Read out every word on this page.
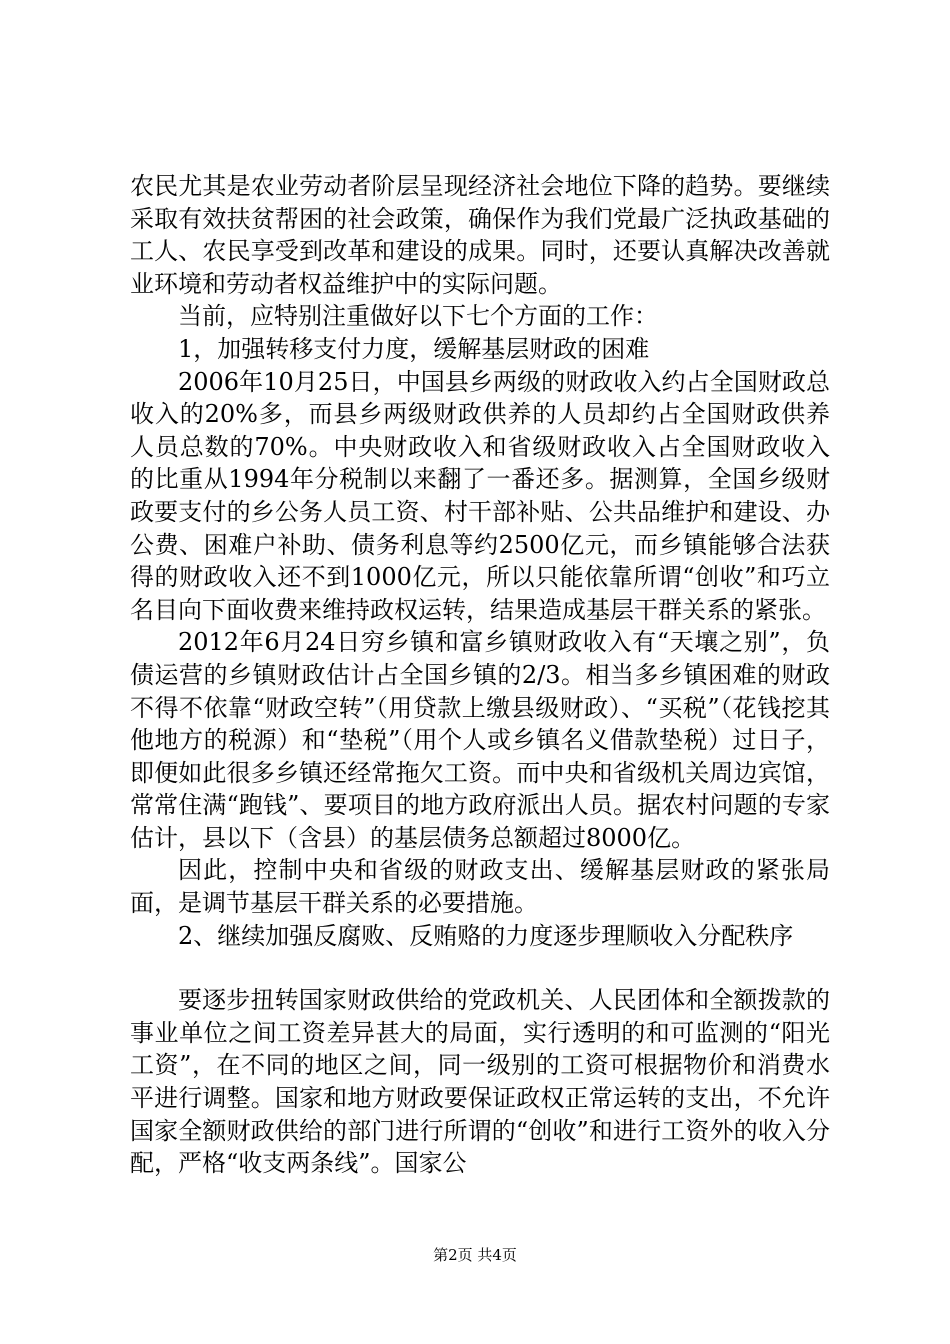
农民尤其是农业劳动者阶层呈现经济社会地位下降的趋势。要继续采取有效扶贫帮困的社会政策，确保作为我们党最广泛执政基础的工人、农民享受到改革和建设的成果。同时，还要认真解决改善就业环境和劳动者权益维护中的实际问题。

当前，应特别注重做好以下七个方面的工作：

1，加强转移支付力度，缓解基层财政的困难

2006年10月25日，中国县乡两级的财政收入约占全国财政总收入的20%多，而县乡两级财政供养的人员却约占全国财政供养人员总数的70%。中央财政收入和省级财政收入占全国财政收入的比重从1994年分税制以来翻了一番还多。据测算，全国乡级财政要支付的乡公务人员工资、村干部补贴、公共品维护和建设、办公费、困难户补助、债务利息等约2500亿元，而乡镇能够合法获得的财政收入还不到1000亿元，所以只能依靠所谓“创收”和巧立名目向下面收费来维持政权运转，结果造成基层干群关系的紧张。

2012年6月24日穷乡镇和富乡镇财政收入有“天壤之别”，负债运营的乡镇财政估计占全国乡镇的2/3。相当多乡镇困难的财政不得不依靠“财政空转”（用贷款上缴县级财政）、“买税”（花钱挖其他地方的税源）和“垫税”（用个人或乡镇名义借款垫税）过日子，即便如此很多乡镇还经常拖欠工资。而中央和省级机关周边宾馆，常常住满“跑钱”、要项目的地方政府派出人员。据农村问题的专家估计，县以下（含县）的基层债务总额超过8000亿。

因此，控制中央和省级的财政支出、缓解基层财政的紧张局面，是调节基层干群关系的必要措施。

2、继续加强反腐败、反贿赂的力度逐步理顺收入分配秩序

要逐步扭转国家财政供给的党政机关、人民团体和全额拨款的事业单位之间工资差异甚大的局面，实行透明的和可监测的“阳光工资”，在不同的地区之间，同一级别的工资可根据物价和消费水平进行调整。国家和地方财政要保证政权正常运转的支出，不允许国家全额财政供给的部门进行所谓的“创收”和进行工资外的收入分配，严格“收支两条线”。国家公

第2页 共4页
